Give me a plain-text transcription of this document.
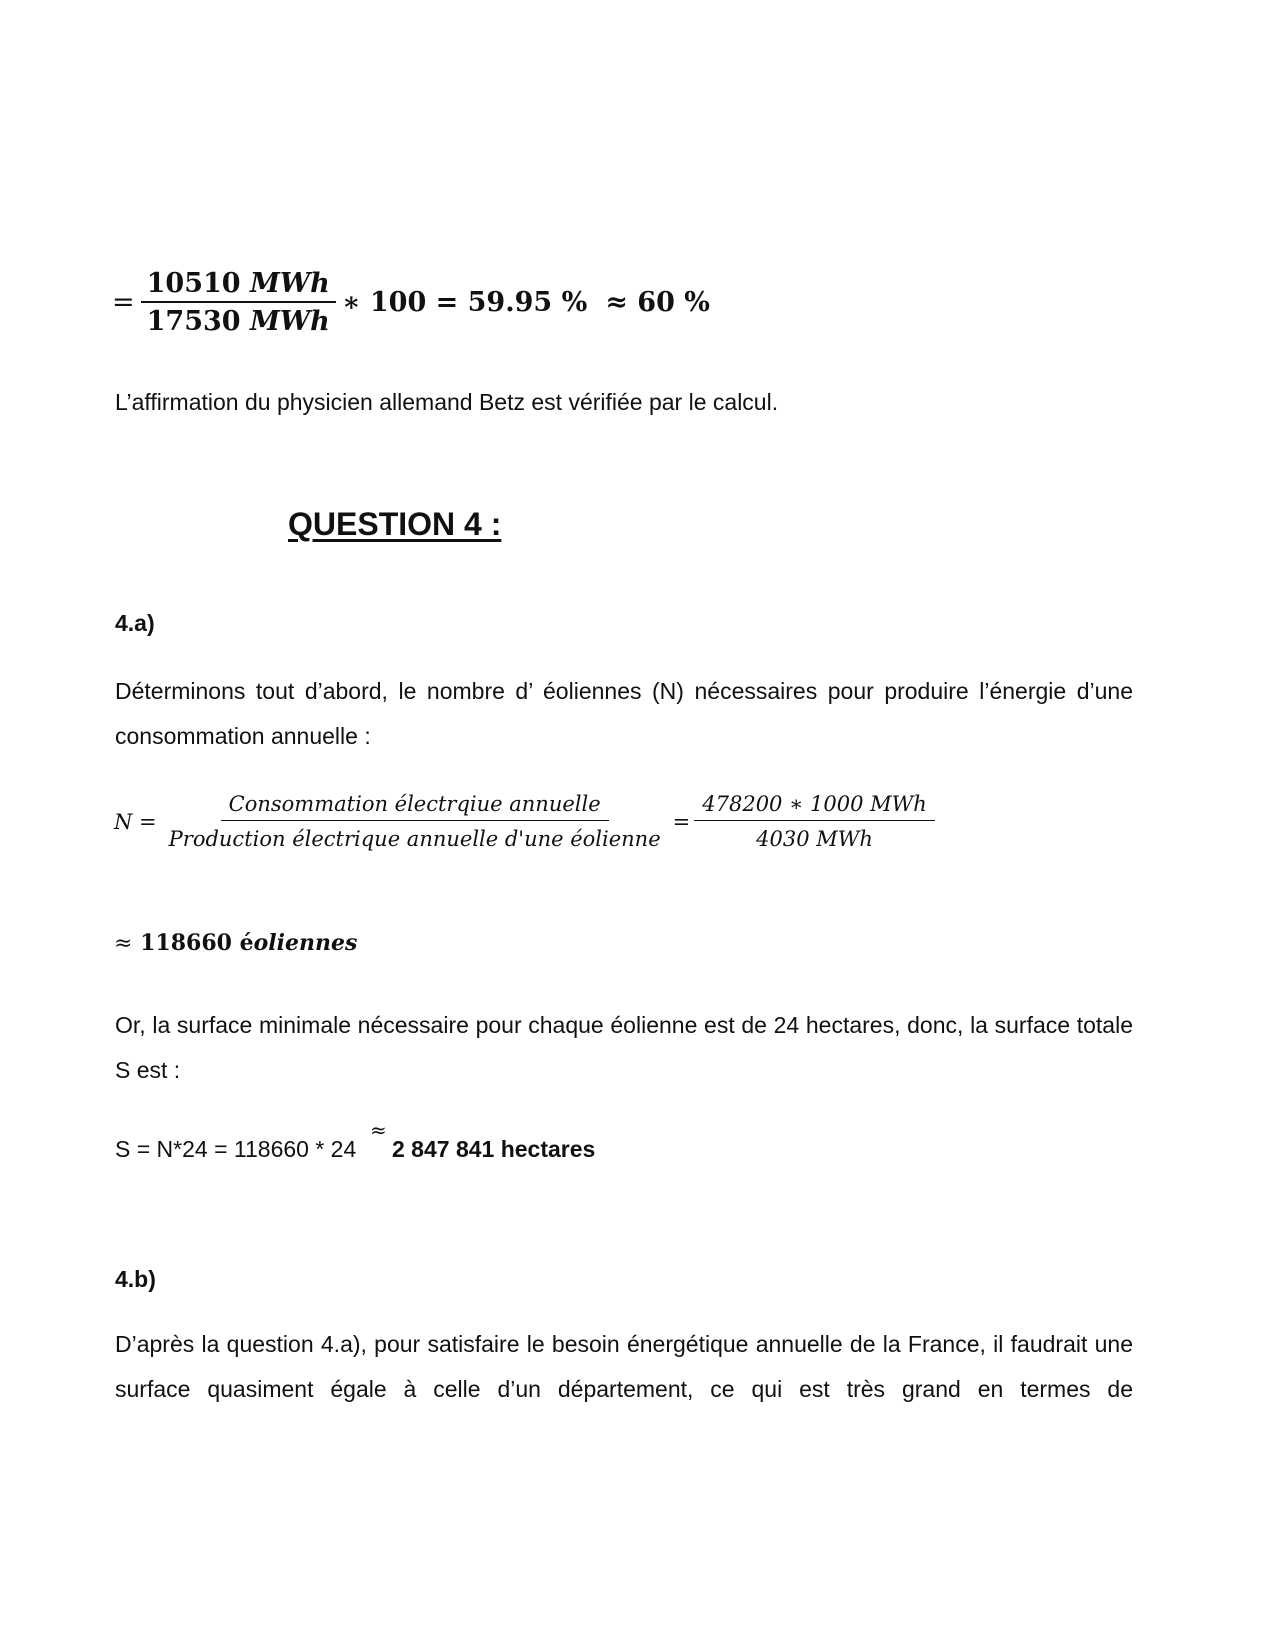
= $\frac{\text{10510 MWh}}{\text{17530 MWh}}$ ∗ 100 = 59.95 % ≈ 60 %
L’affirmation du physicien allemand Betz est vérifiée par le calcul.
QUESTION 4 :
4.a)
Déterminons tout d’abord, le nombre d’ éoliennes (N) nécessaires pour produire l’énergie d’une consommation annuelle :
$N = \frac{\text{Consommation électrqiue annuelle}}{\text{Production électrique annuelle d'une éolienne}} = \frac{\text{478200 ∗ 1000 MWh}}{\text{4030 MWh}}$
≈ 118660 éoliennes
Or, la surface minimale nécessaire pour chaque éolienne est de 24 hectares, donc, la surface totale S est :
S = N*24 = 118660 * 24
≈
2 847 841 hectares
4.b)
D’après la question 4.a), pour satisfaire le besoin énergétique annuelle de la France, il faudrait une surface quasiment égale à celle d’un département, ce qui est très grand en termes de
